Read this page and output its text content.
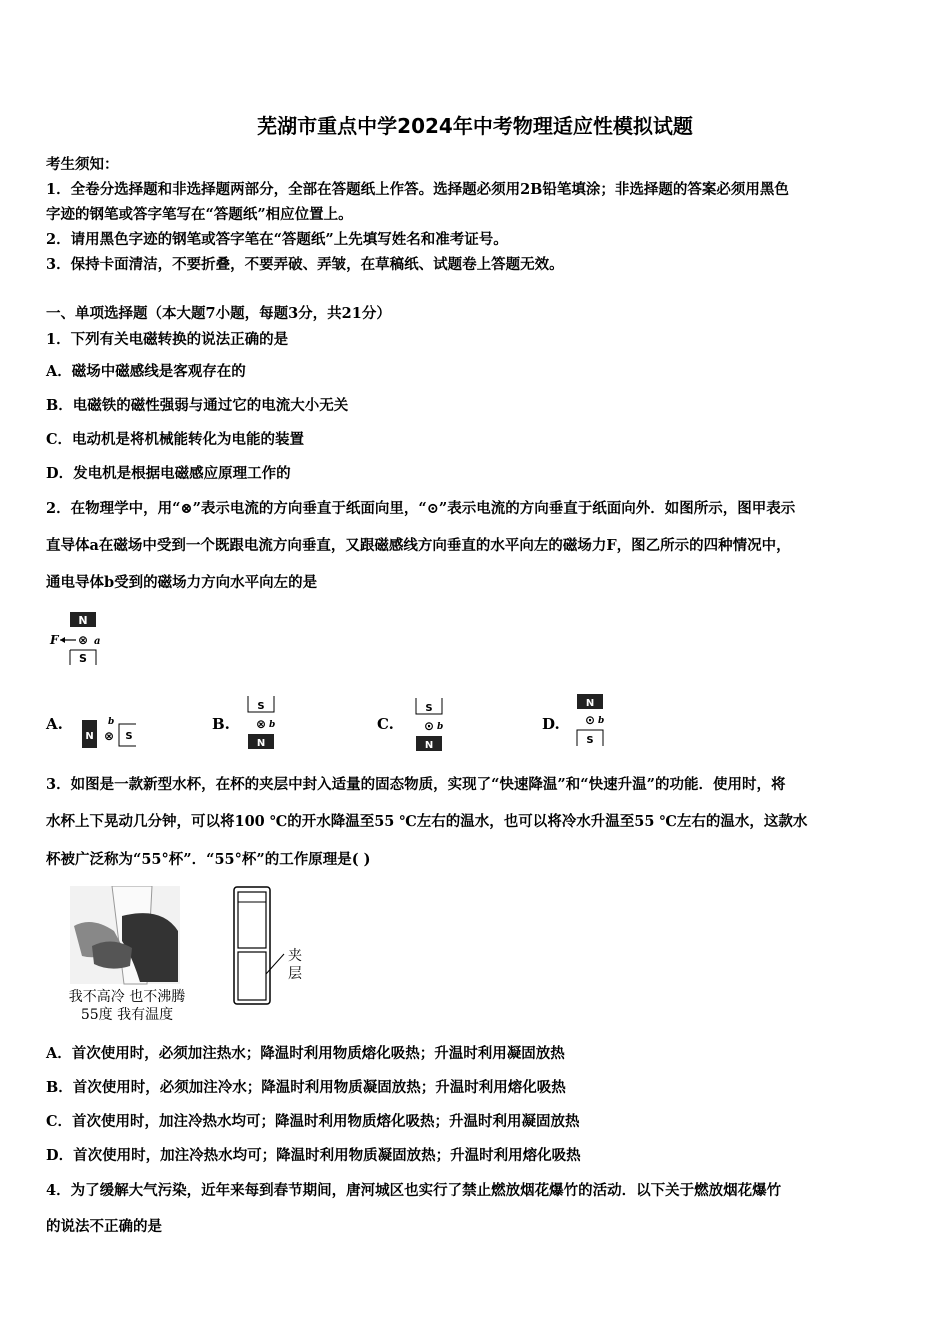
芜湖市重点中学2024年中考物理适应性模拟试题
考生须知：
1．全卷分选择题和非选择题两部分，全部在答题纸上作答。选择题必须用2B铅笔填涂；非选择题的答案必须用黑色
字迹的钢笔或答字笔写在“答题纸”相应位置上。
2．请用黑色字迹的钢笔或答字笔在“答题纸”上先填写姓名和准考证号。
3．保持卡面清洁，不要折叠，不要弄破、弄皱，在草稿纸、试题卷上答题无效。
一、单项选择题（本大题7小题，每题3分，共21分）
1．下列有关电磁转换的说法正确的是
A．磁场中磁感线是客观存在的
B．电磁铁的磁性强弱与通过它的电流大小无关
C．电动机是将机械能转化为电能的装置
D．发电机是根据电磁感应原理工作的
2．在物理学中，用“⊗”表示电流的方向垂直于纸面向里，“⊙”表示电流的方向垂直于纸面向外．如图所示，图甲表示
直导体a在磁场中受到一个既跟电流方向垂直，又跟磁感线方向垂直的水平向左的磁场力F，图乙所示的四种情况中，
通电导体b受到的磁场力方向水平向左的是
N
F ⊗ a
S
A.
N ⊗
b
S
B.
S
⊗ b
N
C.
S
⊙ b
N
D.
N
⊙ b
S
3．如图是一款新型水杯，在杯的夹层中封入适量的固态物质，实现了“快速降温”和“快速升温”的功能．使用时，将
水杯上下晃动几分钟，可以将100 ℃的开水降温至55 ℃左右的温水，也可以将冷水升温至55 ℃左右的温水，这款水
杯被广泛称为“55°杯”．“55°杯”的工作原理是( )
我不高冷 也不沸腾
55度 我有温度
夹
层
A．首次使用时，必须加注热水；降温时利用物质熔化吸热；升温时利用凝固放热
B．首次使用时，必须加注冷水；降温时利用物质凝固放热；升温时利用熔化吸热
C．首次使用时，加注冷热水均可；降温时利用物质熔化吸热；升温时利用凝固放热
D．首次使用时，加注冷热水均可；降温时利用物质凝固放热；升温时利用熔化吸热
4．为了缓解大气污染，近年来每到春节期间，唐河城区也实行了禁止燃放烟花爆竹的活动．以下关于燃放烟花爆竹
的说法不正确的是
